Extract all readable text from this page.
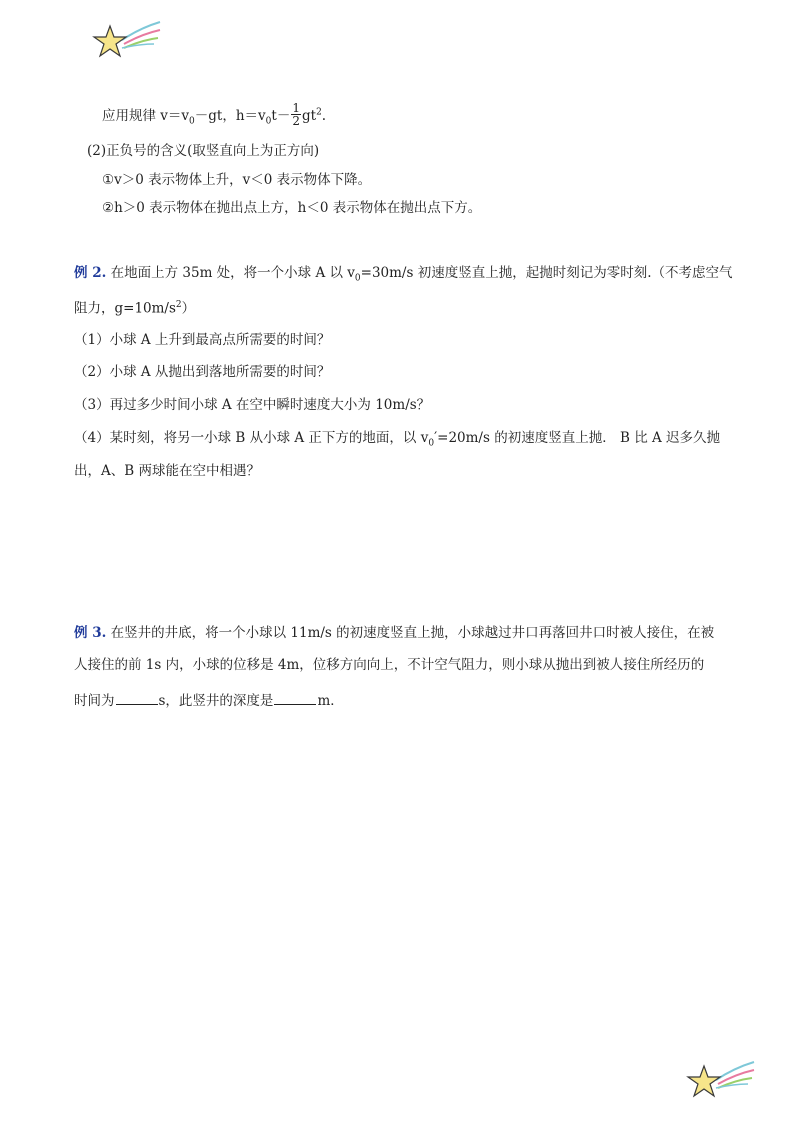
应用规律 $v=v_0-gt$，$h=v_0t- \frac{1}{2} gt^2$.
(2)正负号的含义(取竖直向上为正方向)
①v＞0 表示物体上升，v＜0 表示物体下降。
②h＞0 表示物体在抛出点上方，h＜0 表示物体在抛出点下方。
例 2. 在地面上方 35m 处，将一个小球 A 以 $v_0=30m/s$ 初速度竖直上抛，起抛时刻记为零时刻.（不考虑空气
阻力，$g=10m/s^2$）
（1）小球 A 上升到最高点所需要的时间？
（2）小球 A 从抛出到落地所需要的时间？
（3）再过多少时间小球 A 在空中瞬时速度大小为 10m/s？
（4）某时刻，将另一小球 B 从小球 A 正下方的地面，以 $v_0'=20m/s$ 的初速度竖直上抛． B 比 A 迟多久抛
出，A、B 两球能在空中相遇？
例 3. 在竖井的井底，将一个小球以 11m/s 的初速度竖直上抛，小球越过井口再落回井口时被人接住，在被
人接住的前 1s 内，小球的位移是 4m，位移方向向上，不计空气阻力，则小球从抛出到被人接住所经历的
时间为	s，此竖井的深度是	m．
